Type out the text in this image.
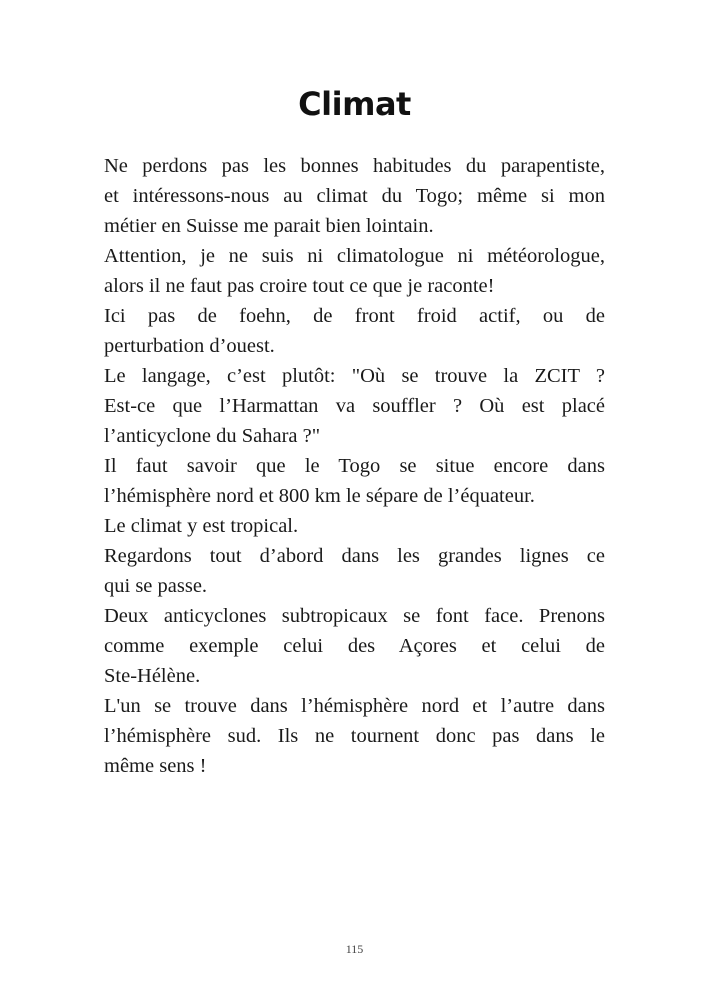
Climat
Ne perdons pas les bonnes habitudes du parapentiste,
et intéressons-nous au climat du Togo; même si mon
métier en Suisse me parait bien lointain.
Attention, je ne suis ni climatologue ni météorologue,
alors il ne faut pas croire tout ce que je raconte!
Ici pas de foehn, de front froid actif, ou de
perturbation d’ouest.
Le langage, c’est plutôt: "Où se trouve la ZCIT ?
Est-ce que l’Harmattan va souffler ? Où est placé
l’anticyclone du Sahara ?"
Il faut savoir que le Togo se situe encore dans
l’hémisphère nord et 800 km le sépare de l’équateur.
Le climat y est tropical.
Regardons tout d’abord dans les grandes lignes ce
qui se passe.
Deux anticyclones subtropicaux se font face. Prenons
comme exemple celui des Açores et celui de
Ste-Hélène.
L'un se trouve dans l’hémisphère nord et l’autre dans
l’hémisphère sud. Ils ne tournent donc pas dans le
même sens !
115
